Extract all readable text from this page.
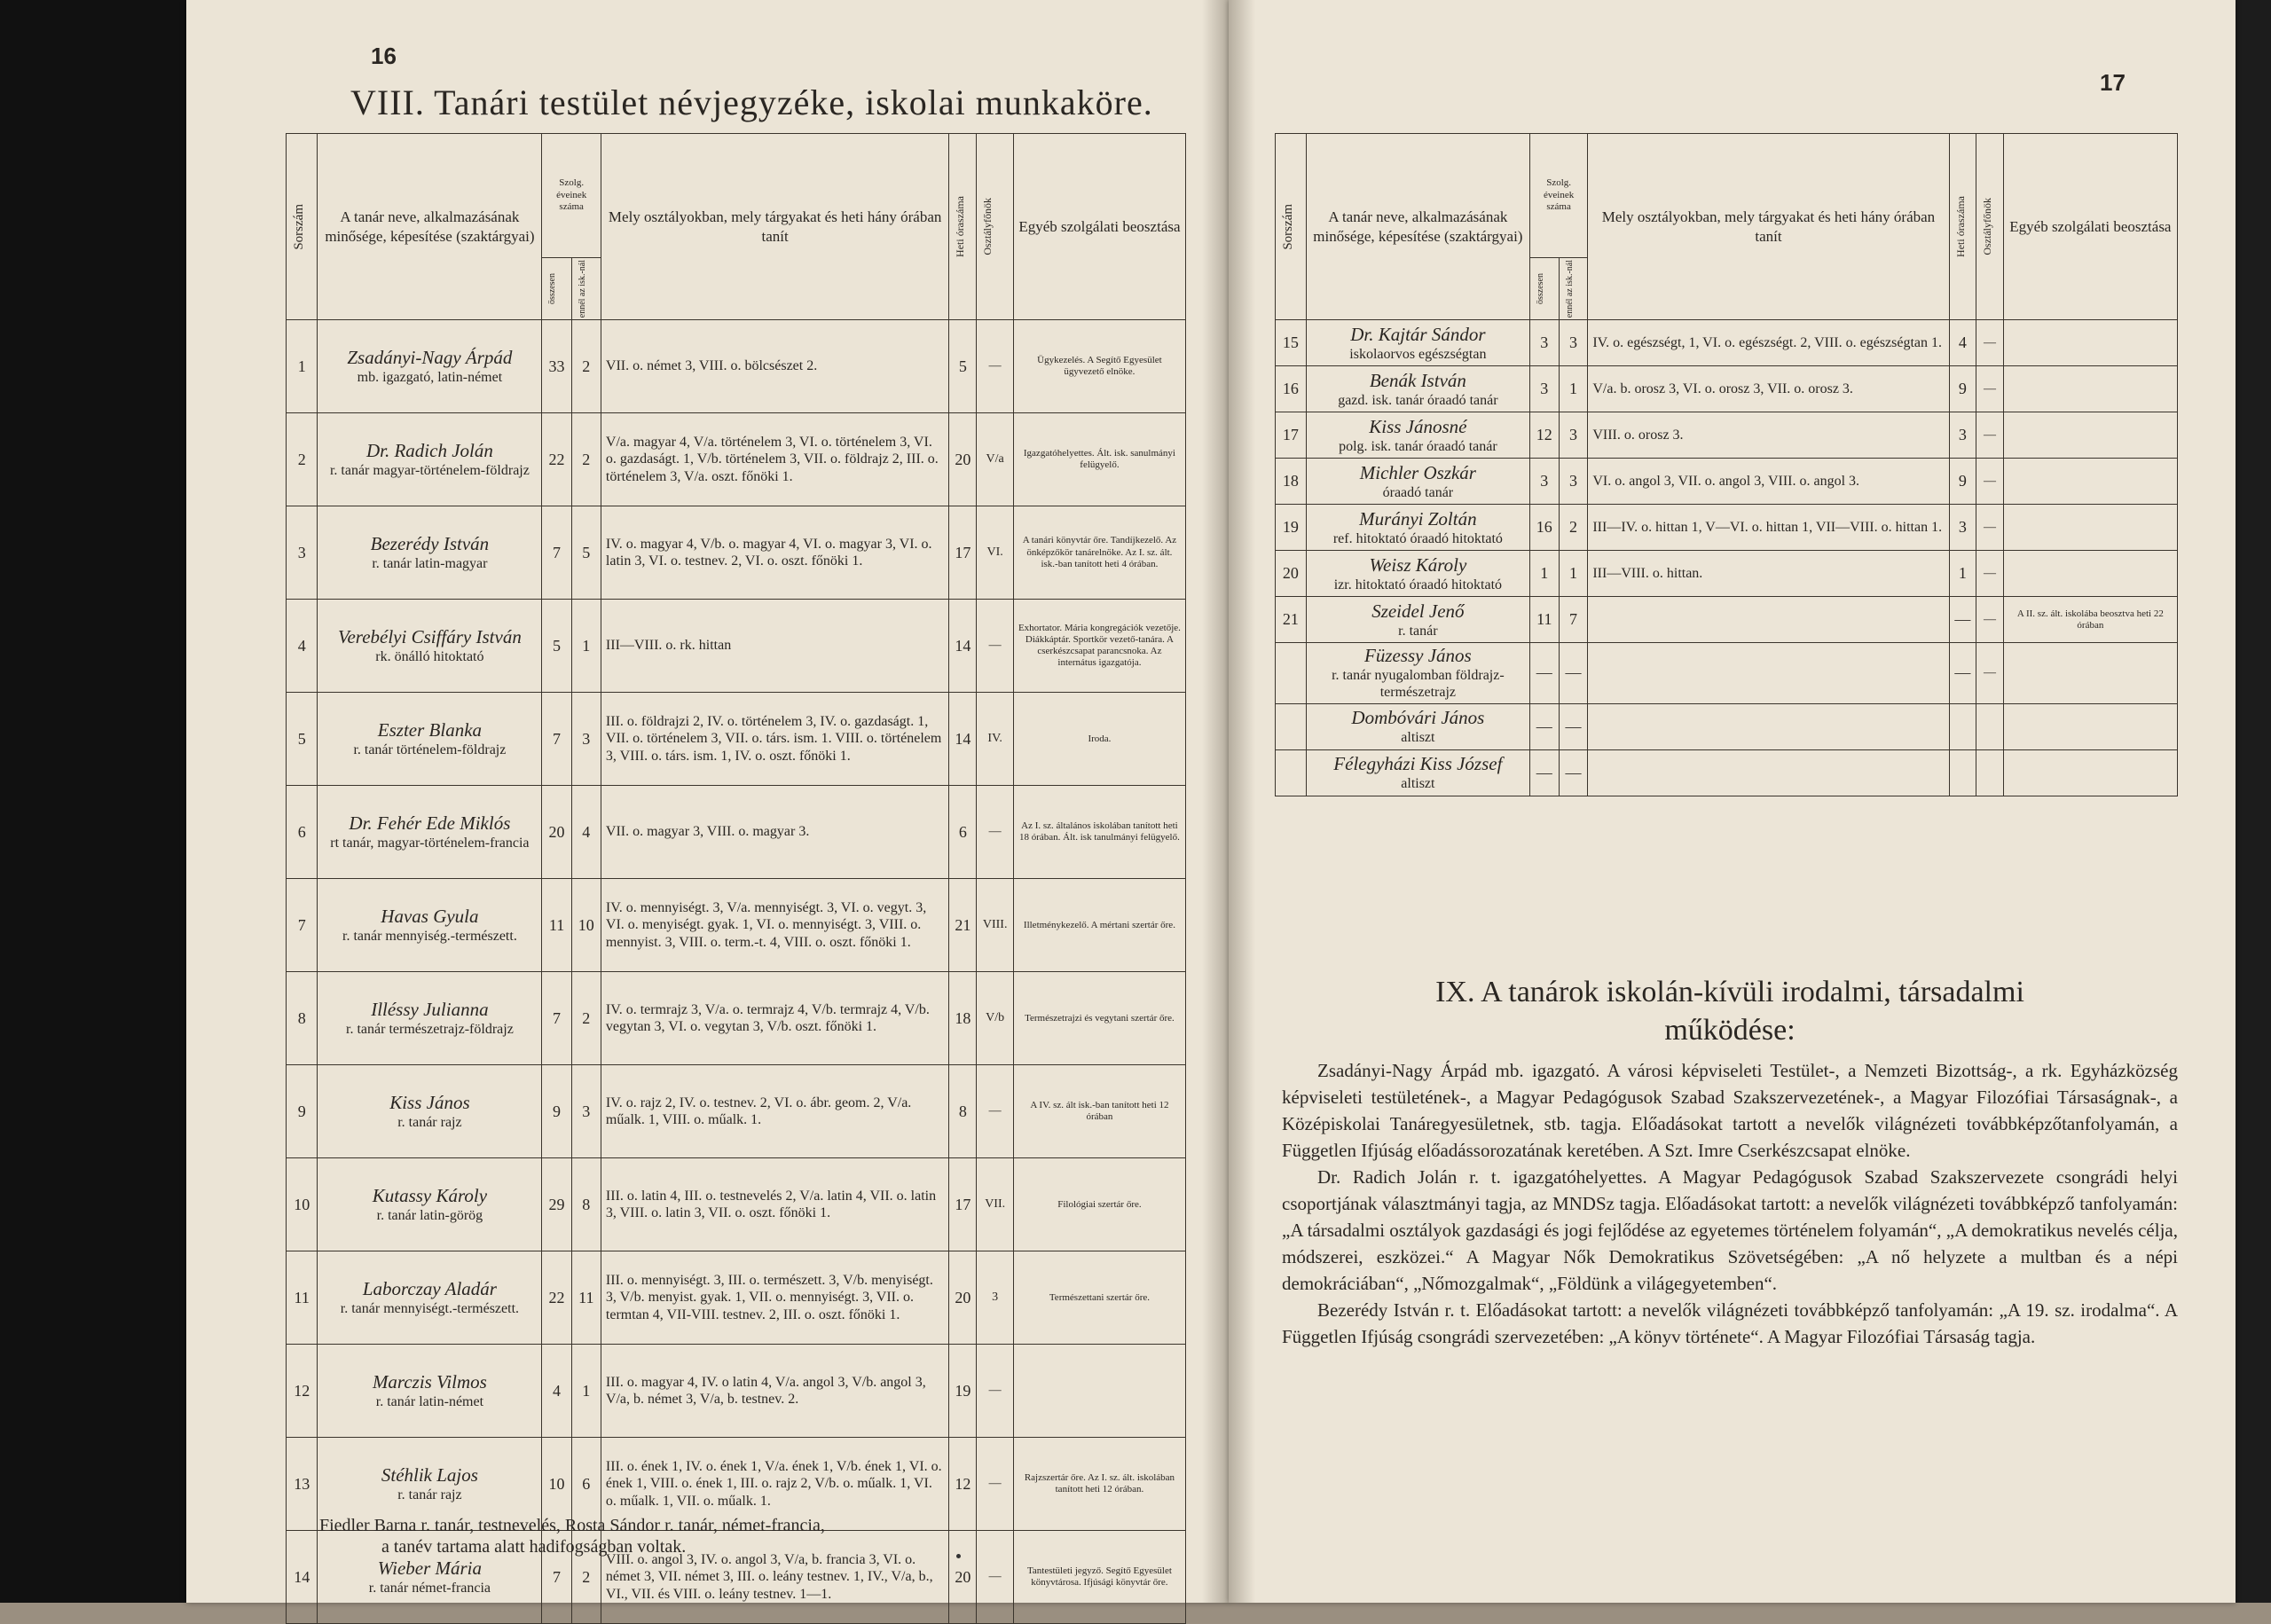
16
VIII. Tanári testület névjegyzéke, iskolai munkaköre.
Sorszám	A tanár neve, alkalmazásának minősége, képesítése (szaktárgyai)	Szolg. éveinek száma		Mely osztályokban, mely tárgyakat és heti hány órában tanít	Heti óraszáma	Osztályfőnök	Egyéb szolgálati beosztása

		összesen	ennél az isk.-nál				

1	Zsadányi-Nagy Árpád
mb. igazgató, latin-német	33	2	VII. o. német 3, VIII. o. bölcsészet 2.	5	—	Ügykezelés. A Segítő Egyesület ügyvezető elnöke.
2	Dr. Radich Jolán
r. tanár magyar-történelem-földrajz	22	2	V/a. magyar 4, V/a. történelem 3, VI. o. történelem 3, VI. o. gazdaságt. 1, V/b. történelem 3, VII. o. földrajz 2, III. o. történelem 3, V/a. oszt. főnöki 1.	20	V/a	Igazgatóhelyettes. Ált. isk. sanulmányi felügyelő.
3	Bezerédy István
r. tanár latin-magyar	7	5	IV. o. magyar 4, V/b. o. magyar 4, VI. o. magyar 3, VI. o. latin 3, VI. o. testnev. 2, VI. o. oszt. főnöki 1.	17	VI.	A tanári könyvtár őre. Tandíjkezelő. Az önképzőkör tanárelnöke. Az I. sz. ált. isk.-ban tanított heti 4 órában.
4	Verebélyi Csiffáry István
rk. önálló hitoktató	5	1	III—VIII. o. rk. hittan	14	—	Exhortator. Mária kongregációk vezetője. Diákkáptár. Sportkör vezető-tanára. A cserkészcsapat parancsnoka. Az internátus igazgatója.
5	Eszter Blanka
r. tanár történelem-földrajz	7	3	III. o. földrajzi 2, IV. o. történelem 3, IV. o. gazdaságt. 1, VII. o. történelem 3, VII. o. társ. ism. 1. VIII. o. történelem 3, VIII. o. társ. ism. 1, IV. o. oszt. főnöki 1.	14	IV.	Iroda.
6	Dr. Fehér Ede Miklós
rt tanár, magyar-történelem-francia	20	4	VII. o. magyar 3, VIII. o. magyar 3.	6	—	Az I. sz. általános iskolában tanított heti 18 órában. Ált. isk tanulmányi felügyelő.
7	Havas Gyula
r. tanár mennyiség.-természett.	11	10	IV. o. mennyiségt. 3, V/a. mennyiségt. 3, VI. o. vegyt. 3, VI. o. menyiségt. gyak. 1, VI. o. mennyiségt. 3, VIII. o. mennyist. 3, VIII. o. term.-t. 4, VIII. o. oszt. főnöki 1.	21	VIII.	Illetménykezelő. A mértani szertár őre.
8	Illéssy Julianna
r. tanár természetrajz-földrajz	7	2	IV. o. termrajz 3, V/a. o. termrajz 4, V/b. termrajz 4, V/b. vegytan 3, VI. o. vegytan 3, V/b. oszt. főnöki 1.	18	V/b	Természetrajzi és vegytani szertár őre.
9	Kiss János
r. tanár rajz	9	3	IV. o. rajz 2, IV. o. testnev. 2, VI. o. ábr. geom. 2, V/a. műalk. 1, VIII. o. műalk. 1.	8	—	A IV. sz. ált isk.-ban tanított heti 12 órában
10	Kutassy Károly
r. tanár latin-görög	29	8	III. o. latin 4, III. o. testnevelés 2, V/a. latin 4, VII. o. latin 3, VIII. o. latin 3, VII. o. oszt. főnöki 1.	17	VII.	Filológiai szertár őre.
11	Laborczay Aladár
r. tanár mennyiségt.-természett.	22	11	III. o. mennyiségt. 3, III. o. természett. 3, V/b. menyiségt. 3, V/b. menyist. gyak. 1, VII. o. mennyiségt. 3, VII. o. termtan 4, VII-VIII. testnev. 2, III. o. oszt. főnöki 1.	20	3	Természettani szertár őre.
12	Marczis Vilmos
r. tanár latin-német	4	1	III. o. magyar 4, IV. o latin 4, V/a. angol 3, V/b. angol 3, V/a, b. német 3, V/a, b. testnev. 2.	19	—	
13	Stéhlik Lajos
r. tanár rajz	10	6	III. o. ének 1, IV. o. ének 1, V/a. ének 1, V/b. ének 1, VI. o. ének 1, VIII. o. ének 1, III. o. rajz 2, V/b. o. műalk. 1, VI. o. műalk. 1, VII. o. műalk. 1.	12	—	Rajzszertár őre. Az I. sz. ált. iskolában tanított heti 12 órában.
14	Wieber Mária
r. tanár német-francia	7	2	VIII. o. angol 3, IV. o. angol 3, V/a, b. francia 3, VI. o. német 3, VII. német 3, III. o. leány testnev. 1, IV., V/a, b., VI., VII. és VIII. o. leány testnev. 1—1.	20	—	Tantestületi jegyző. Segítő Egyesület könyvtárosa. Ifjúsági könyvtár őre.
Fiedler Barna r. tanár, testnevelés, Rosta Sándor r. tanár, német-francia,
a tanév tartama alatt hadifogságban voltak.
17
Sorszám	A tanár neve, alkalmazásának minősége, képesítése (szaktárgyai)	Szolg. éveinek száma		Mely osztályokban, mely tárgyakat és heti hány órában tanít	Heti óraszáma	Osztályfőnök	Egyéb szolgálati beosztása

		összesen	ennél az isk.-nál				

15	Dr. Kajtár Sándor
iskolaorvos egészségtan	3	3	IV. o. egészségt, 1, VI. o. egészségt. 2, VIII. o. egészségtan 1.	4	—	
16	Benák István
gazd. isk. tanár óraadó tanár	3	1	V/a. b. orosz 3, VI. o. orosz 3, VII. o. orosz 3.	9	—	
17	Kiss Jánosné
polg. isk. tanár óraadó tanár	12	3	VIII. o. orosz 3.	3	—	
18	Michler Oszkár
óraadó tanár	3	3	VI. o. angol 3, VII. o. angol 3, VIII. o. angol 3.	9	—	
19	Murányi Zoltán
ref. hitoktató óraadó hitoktató	16	2	III—IV. o. hittan 1, V—VI. o. hittan 1, VII—VIII. o. hittan 1.	3	—	
20	Weisz Károly
izr. hitoktató óraadó hitoktató	1	1	III—VIII. o. hittan.	1	—	
21	Szeidel Jenő
r. tanár	11	7		—	—	A II. sz. ált. iskolába beosztva heti 22 órában

	Füzessy János
r. tanár nyugalomban földrajz-természetrajz	—	—		—	—	

	Dombóvári János
altiszt	—	—				

	Félegyházi Kiss József
altiszt	—	—				
IX. A tanárok iskolán-kívüli irodalmi, társadalmi
működése:

Zsadányi-Nagy Árpád mb. igazgató. A városi képviseleti Testület-, a Nemzeti Bizottság-, a rk. Egyházközség képviseleti testületének-, a Magyar Pedagógusok Szabad Szakszervezetének-, a Magyar Filozófiai Társaságnak-, a Középiskolai Tanáregyesületnek, stb. tagja. Előadásokat tartott a nevelők világnézeti továbbképzőtanfolyamán, a Független Ifjúság előadássorozatának keretében. A Szt. Imre Cserkészcsapat elnöke.

Dr. Radich Jolán r. t. igazgatóhelyettes. A Magyar Pedagógusok Szabad Szakszervezete csongrádi helyi csoportjának választmányi tagja, az MNDSz tagja. Előadásokat tartott: a nevelők világnézeti továbbképző tanfolyamán: „A társadalmi osztályok gazdasági és jogi fejlődése az egyetemes történelem folyamán“, „A demokratikus nevelés célja, módszerei, eszközei.“ A Magyar Nők Demokratikus Szövetségében: „A nő helyzete a multban és a népi demokráciában“, „Nőmozgalmak“, „Földünk a világegyetemben“.

Bezerédy István r. t. Előadásokat tartott: a nevelők világnézeti továbbképző tanfolyamán: „A 19. sz. irodalma“. A Független Ifjúság csongrádi szervezetében: „A könyv története“. A Magyar Filozófiai Társaság tagja.
